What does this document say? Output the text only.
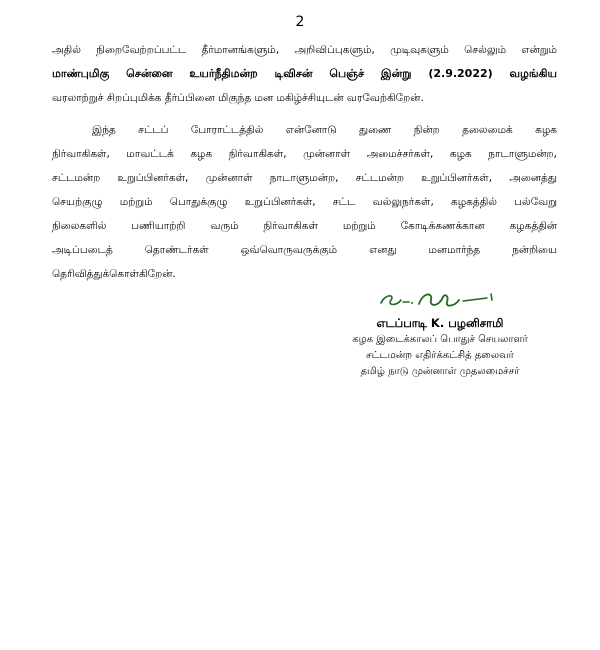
2

அதில் நிறைவேற்றப்பட்ட தீர்மானங்களும், அறிவிப்புகளும், முடிவுகளும் செல்லும் என்றும்
மாண்புமிகு சென்னை உயர்நீதிமன்ற டிவிசன் பெஞ்ச் இன்று (2.9.2022) வழங்கிய
வரலாற்றுச் சிறப்புமிக்க தீர்ப்பினை மிகுந்த மன மகிழ்ச்சியுடன் வரவேற்கிறேன்.

இந்த சட்டப் போராட்டத்தில் என்னோடு துணை நின்ற தலைமைக் கழக
நிர்வாகிகள், மாவட்டக் கழக நிர்வாகிகள், முன்னாள் அமைச்சர்கள், கழக நாடாளுமன்ற,
சட்டமன்ற உறுப்பினர்கள், முன்னாள் நாடாளுமன்ற, சட்டமன்ற உறுப்பினர்கள், அனைத்து
செயற்குழு மற்றும் பொதுக்குழு உறுப்பினர்கள், சட்ட வல்லுநர்கள், கழகத்தில் பல்வேறு
நிலைகளில் பணியாற்றி வரும் நிர்வாகிகள் மற்றும் கோடிக்கணக்கான கழகத்தின்
அடிப்படைத் தொண்டர்கள் ஒவ்வொருவருக்கும் எனது மனமார்ந்த நன்றியை
தெரிவித்துக்கொள்கிறேன்.

எடப்பாடி K. பழனிசாமி
கழக இடைக்காலப் பொதுச் செயலாளர்
சட்டமன்ற எதிர்க்கட்சித் தலைவர்
தமிழ் நாடு முன்னாள் முதலமைச்சர்
